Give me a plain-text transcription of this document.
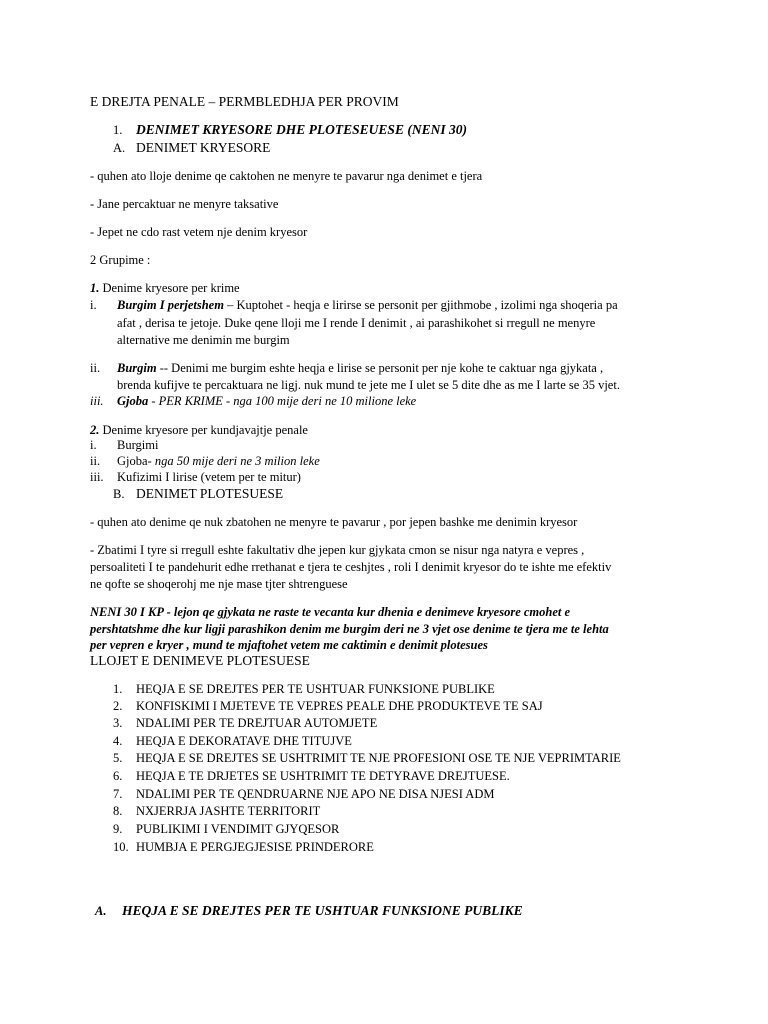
E DREJTA PENALE – PERMBLEDHJA PER PROVIM
1. DENIMET KRYESORE DHE PLOTESEUESE (NENI 30)
A. DENIMET KRYESORE
- quhen ato lloje denime qe caktohen ne menyre te pavarur nga denimet e tjera
- Jane percaktuar ne menyre taksative
- Jepet ne cdo rast vetem nje denim kryesor
2 Grupime :
1. Denime kryesore per krime
i. Burgim I perjetshem – Kuptohet - heqja e lirirse se personit per gjithmobe , izolimi nga shoqeria pa
afat , derisa te jetoje. Duke qene lloji me I rende I denimit , ai parashikohet si rregull ne menyre
alternative me denimin me burgim
ii. Burgim -- Denimi me burgim eshte heqja e lirise se personit per nje kohe te caktuar nga gjykata ,
brenda kufijve te percaktuara ne ligj. nuk mund te jete me I ulet se 5 dite dhe as me I larte se 35 vjet.
iii. Gjoba - PER KRIME - nga 100 mije deri ne 10 milione leke
2. Denime kryesore per kundjavajtje penale
i. Burgimi
ii. Gjoba- nga 50 mije deri ne 3 milion leke
iii. Kufizimi I lirise (vetem per te mitur)
B. DENIMET PLOTESUESE
- quhen ato denime qe nuk zbatohen ne menyre te pavarur , por jepen bashke me denimin kryesor
- Zbatimi I tyre si rregull eshte fakultativ dhe jepen kur gjykata cmon se nisur nga natyra e vepres ,
persoaliteti I te pandehurit edhe rrethanat e tjera te ceshjtes , roli I denimit kryesor do te ishte me efektiv
ne qofte se shoqerohj me nje mase tjter shtrenguese
NENI 30 I KP - lejon qe gjykata ne raste te vecanta kur dhenia e denimeve kryesore cmohet e
pershtatshme dhe kur ligji parashikon denim me burgim deri ne 3 vjet ose denime te tjera me te lehta
per vepren e kryer , mund te mjaftohet vetem me caktimin e denimit plotesues
LLOJET E DENIMEVE PLOTESUESE
1. HEQJA E SE DREJTES PER TE USHTUAR FUNKSIONE PUBLIKE
2. KONFISKIMI I MJETEVE TE VEPRES PEALE DHE PRODUKTEVE TE SAJ
3. NDALIMI PER TE DREJTUAR AUTOMJETE
4. HEQJA E DEKORATAVE DHE TITUJVE
5. HEQJA E SE DREJTES SE USHTRIMIT TE NJE PROFESIONI OSE TE NJE VEPRIMTARIE
6. HEQJA E TE DRJETES SE USHTRIMIT TE DETYRAVE DREJTUESE.
7. NDALIMI PER TE QENDRUARNE NJE APO NE DISA NJESI ADM
8. NXJERRJA JASHTE TERRITORIT
9. PUBLIKIMI I VENDIMIT GJYQESOR
10. HUMBJA E PERGJEGJESISE PRINDERORE
A. HEQJA E SE DREJTES PER TE USHTUAR FUNKSIONE PUBLIKE
